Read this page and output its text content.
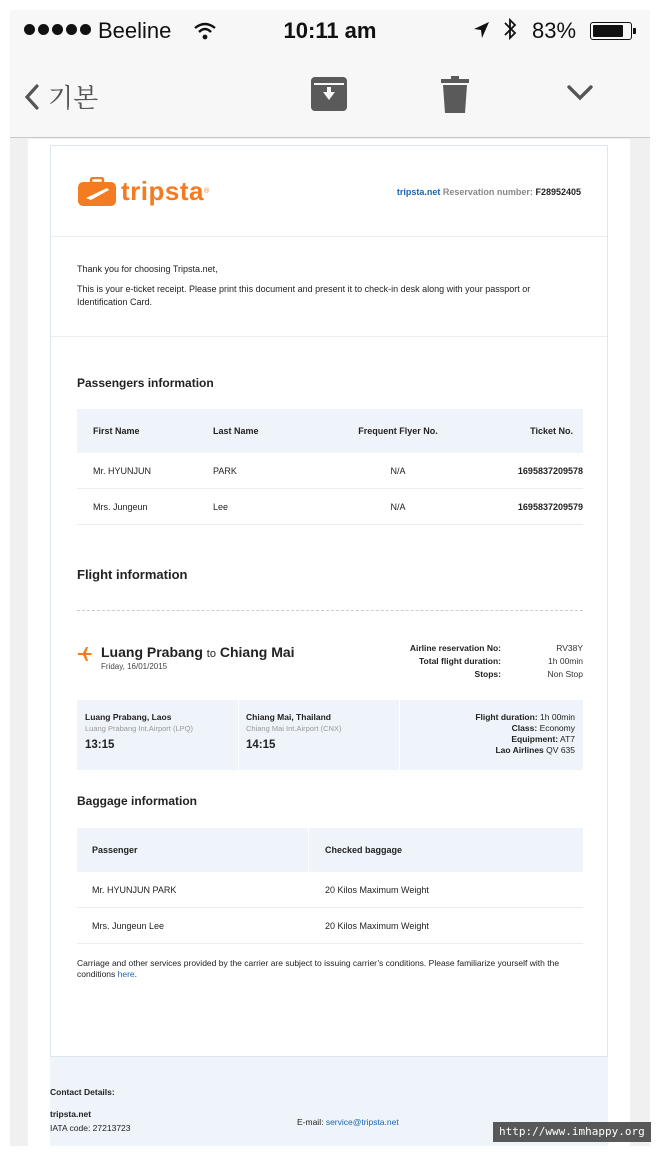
Beeline	10:11 am	83%
기본
tripsta ®	tripsta.net Reservation number: F28952405

Thank you for choosing Tripsta.net,

This is your e-ticket receipt. Please print this document and present it to check-in desk along with your passport or Identification Card.

Passengers information
First Name	Last Name	Frequent Flyer No.	Ticket No.
Mr. HYUNJUN	PARK	N/A	1695837209578
Mrs. Jungeun	Lee	N/A	1695837209579
Flight information
Luang Prabang to Chiang Mai
Friday, 16/01/2015
Airline reservation No:	RV38Y
Total flight duration:	1h 00min
Stops:	Non Stop
Luang Prabang, Laos
Luang Prabang Int.Airport (LPQ)
13:15
Chiang Mai, Thailand
Chiang Mai Int.Airport (CNX)
14:15
Flight duration: 1h 00min
Class: Economy
Equipment: AT7
Lao Airlines QV 635
Baggage information
Passenger	Checked baggage
Mr. HYUNJUN PARK	20 Kilos Maximum Weight
Mrs. Jungeun Lee	20 Kilos Maximum Weight
Carriage and other services provided by the carrier are subject to issuing carrier’s conditions. Please familiarize yourself with the conditions here.
Contact Details:
tripsta.net
IATA code: 27213723
E-mail: service@tripsta.net
http://www.imhappy.org
